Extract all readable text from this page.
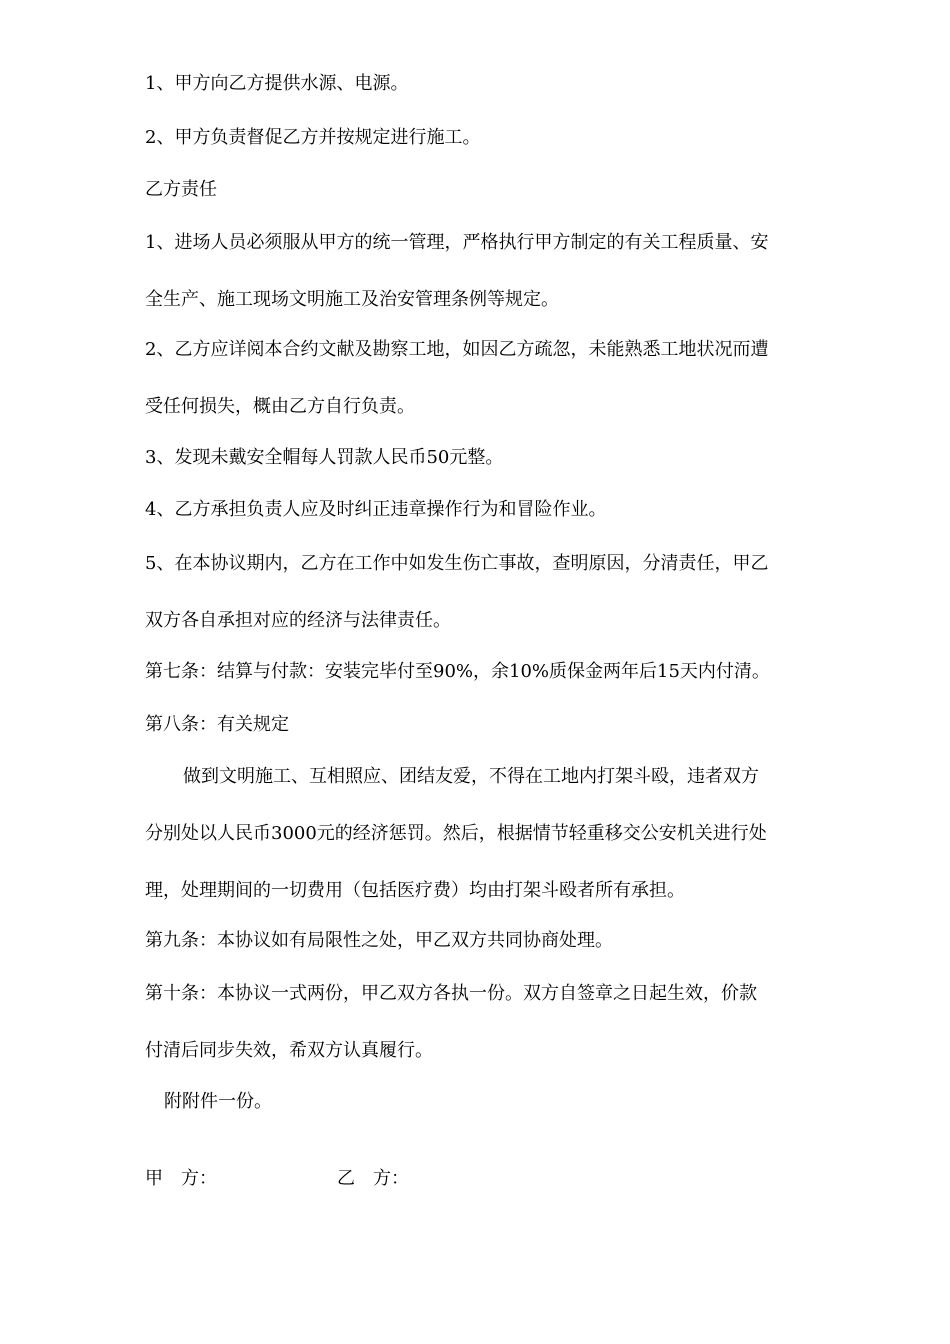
1、甲方向乙方提供水源、电源。
2、甲方负责督促乙方并按规定进行施工。
乙方责任
1、进场人员必须服从甲方的统一管理，严格执行甲方制定的有关工程质量、安
全生产、施工现场文明施工及治安管理条例等规定。
2、乙方应详阅本合约文献及勘察工地，如因乙方疏忽，未能熟悉工地状况而遭
受任何损失，概由乙方自行负责。
3、发现未戴安全帽每人罚款人民币50元整。
4、乙方承担负责人应及时纠正违章操作行为和冒险作业。
5、在本协议期内，乙方在工作中如发生伤亡事故，查明原因，分清责任，甲乙
双方各自承担对应的经济与法律责任。
第七条：结算与付款：安装完毕付至90%，余10%质保金两年后15天内付清。
第八条：有关规定
做到文明施工、互相照应、团结友爱，不得在工地内打架斗殴，违者双方
分别处以人民币3000元的经济惩罚。然后，根据情节轻重移交公安机关进行处
理，处理期间的一切费用（包括医疗费）均由打架斗殴者所有承担。
第九条：本协议如有局限性之处，甲乙双方共同协商处理。
第十条：本协议一式两份，甲乙双方各执一份。双方自签章之日起生效，价款
付清后同步失效，希双方认真履行。
附附件一份。
甲　方：	乙　方：
